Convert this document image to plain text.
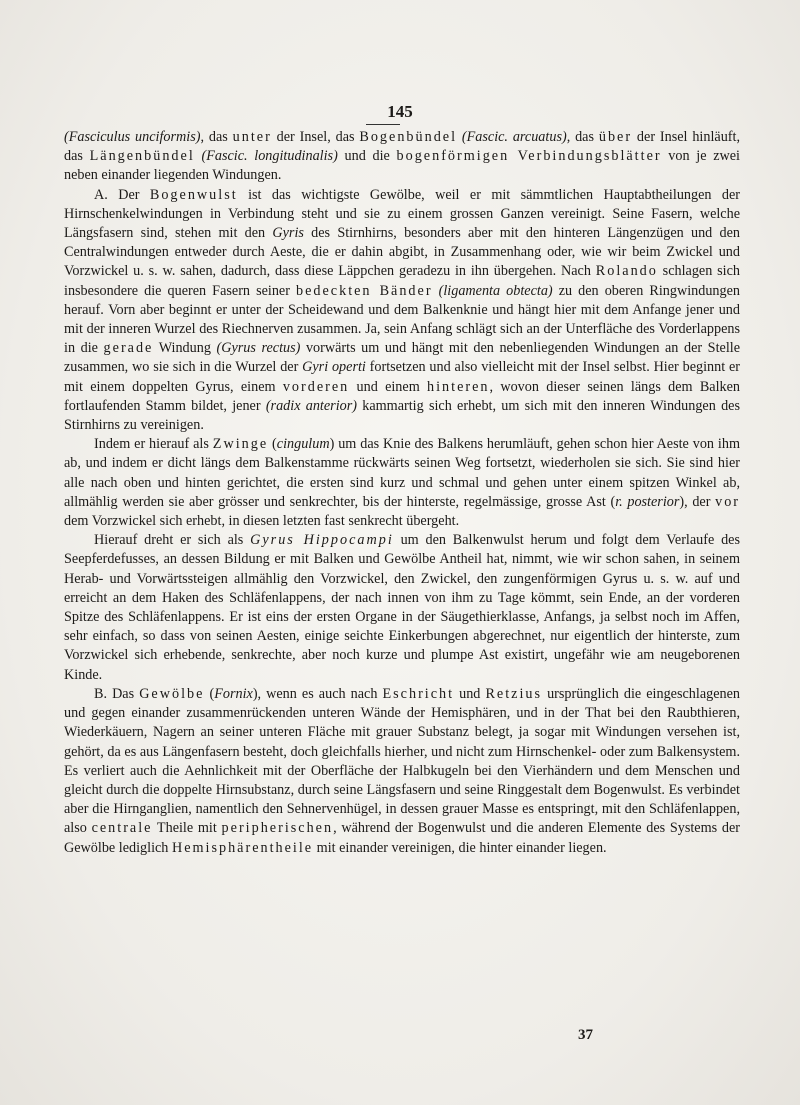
145

(Fasciculus unciformis), das unter der Insel, das Bogenbündel (Fascic. arcuatus), das über der Insel hinläuft, das Längenbündel (Fascic. longitudinalis) und die bogenförmigen Verbindungsblätter von je zwei neben einander liegenden Windungen.

A. Der Bogenwulst ist das wichtigste Gewölbe, weil er mit sämmtlichen Hauptabtheilungen der Hirnschenkelwindungen in Verbindung steht und sie zu einem grossen Ganzen vereinigt. Seine Fasern, welche Längsfasern sind, stehen mit den Gyris des Stirnhirns, besonders aber mit den hinteren Längenzügen und den Centralwindungen entweder durch Aeste, die er dahin abgibt, in Zusammenhang oder, wie wir beim Zwickel und Vorzwickel u. s. w. sahen, dadurch, dass diese Läppchen geradezu in ihn übergehen. Nach Rolando schlagen sich insbesondere die queren Fasern seiner bedeckten Bänder (ligamenta obtecta) zu den oberen Ringwindungen herauf. Vorn aber beginnt er unter der Scheidewand und dem Balkenknie und hängt hier mit dem Anfange jener und mit der inneren Wurzel des Riechnerven zusammen. Ja, sein Anfang schlägt sich an der Unterfläche des Vorderlappens in die gerade Windung (Gyrus rectus) vorwärts um und hängt mit den nebenliegenden Windungen an der Stelle zusammen, wo sie sich in die Wurzel der Gyri operti fortsetzen und also vielleicht mit der Insel selbst. Hier beginnt er mit einem doppelten Gyrus, einem vorderen und einem hinteren, wovon dieser seinen längs dem Balken fortlaufenden Stamm bildet, jener (radix anterior) kammartig sich erhebt, um sich mit den inneren Windungen des Stirnhirns zu vereinigen.

Indem er hierauf als Zwinge (cingulum) um das Knie des Balkens herumläuft, gehen schon hier Aeste von ihm ab, und indem er dicht längs dem Balkenstamme rückwärts seinen Weg fortsetzt, wiederholen sie sich. Sie sind hier alle nach oben und hinten gerichtet, die ersten sind kurz und schmal und gehen unter einem spitzen Winkel ab, allmählig werden sie aber grösser und senkrechter, bis der hinterste, regelmässige, grosse Ast (r. posterior), der vor dem Vorzwickel sich erhebt, in diesen letzten fast senkrecht übergeht.

Hierauf dreht er sich als Gyrus Hippocampi um den Balkenwulst herum und folgt dem Verlaufe des Seepferdefusses, an dessen Bildung er mit Balken und Gewölbe Antheil hat, nimmt, wie wir schon sahen, in seinem Herab- und Vorwärtssteigen allmählig den Vorzwickel, den Zwickel, den zungenförmigen Gyrus u. s. w. auf und erreicht an dem Haken des Schläfenlappens, der nach innen von ihm zu Tage kömmt, sein Ende, an der vorderen Spitze des Schläfenlappens. Er ist eins der ersten Organe in der Säugethierklasse, Anfangs, ja selbst noch im Affen, sehr einfach, so dass von seinen Aesten, einige seichte Einkerbungen abgerechnet, nur eigentlich der hinterste, zum Vorzwickel sich erhebende, senkrechte, aber noch kurze und plumpe Ast existirt, ungefähr wie am neugeborenen Kinde.

B. Das Gewölbe (Fornix), wenn es auch nach Eschricht und Retzius ursprünglich die eingeschlagenen und gegen einander zusammenrückenden unteren Wände der Hemisphären, und in der That bei den Raubthieren, Wiederkäuern, Nagern an seiner unteren Fläche mit grauer Substanz belegt, ja sogar mit Windungen versehen ist, gehört, da es aus Längenfasern besteht, doch gleichfalls hierher, und nicht zum Hirnschenkel- oder zum Balkensystem. Es verliert auch die Aehnlichkeit mit der Oberfläche der Halbkugeln bei den Vierhändern und dem Menschen und gleicht durch die doppelte Hirnsubstanz, durch seine Längsfasern und seine Ringgestalt dem Bogenwulst. Es verbindet aber die Hirnganglien, namentlich den Sehnervenhügel, in dessen grauer Masse es entspringt, mit den Schläfenlappen, also centrale Theile mit peripherischen, während der Bogenwulst und die anderen Elemente des Systems der Gewölbe lediglich Hemisphärentheile mit einander vereinigen, die hinter einander liegen.

37
